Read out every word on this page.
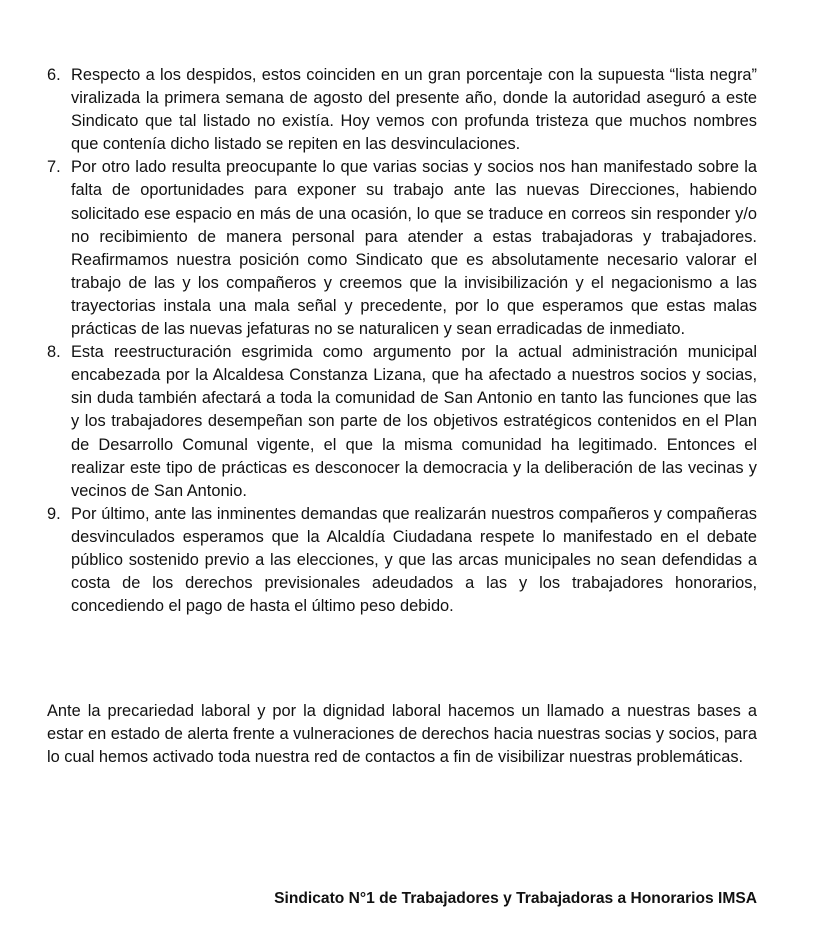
6. Respecto a los despidos, estos coinciden en un gran porcentaje con la supuesta “lista negra” viralizada la primera semana de agosto del presente año, donde la autoridad aseguró a este Sindicato que tal listado no existía. Hoy vemos con profunda tristeza que muchos nombres que contenía dicho listado se repiten en las desvinculaciones.
7. Por otro lado resulta preocupante lo que varias socias y socios nos han manifestado sobre la falta de oportunidades para exponer su trabajo ante las nuevas Direcciones, habiendo solicitado ese espacio en más de una ocasión, lo que se traduce en correos sin responder y/o no recibimiento de manera personal para atender a estas trabajadoras y trabajadores. Reafirmamos nuestra posición como Sindicato que es absolutamente necesario valorar el trabajo de las y los compañeros y creemos que la invisibilización y el negacionismo a las trayectorias instala una mala señal y precedente, por lo que esperamos que estas malas prácticas de las nuevas jefaturas no se naturalicen y sean erradicadas de inmediato.
8. Esta reestructuración esgrimida como argumento por la actual administración municipal encabezada por la Alcaldesa Constanza Lizana, que ha afectado a nuestros socios y socias, sin duda también afectará a toda la comunidad de San Antonio en tanto las funciones que las y los trabajadores desempeñan son parte de los objetivos estratégicos contenidos en el Plan de Desarrollo Comunal vigente, el que la misma comunidad ha legitimado. Entonces el realizar este tipo de prácticas es desconocer la democracia y la deliberación de las vecinas y vecinos de San Antonio.
9. Por último, ante las inminentes demandas que realizarán nuestros compañeros y compañeras desvinculados esperamos que la Alcaldía Ciudadana respete lo manifestado en el debate público sostenido previo a las elecciones, y que las arcas municipales no sean defendidas a costa de los derechos previsionales adeudados a las y los trabajadores honorarios, concediendo el pago de hasta el último peso debido.

Ante la precariedad laboral y por la dignidad laboral hacemos un llamado a nuestras bases a estar en estado de alerta frente a vulneraciones de derechos hacia nuestras socias y socios, para lo cual hemos activado toda nuestra red de contactos a fin de visibilizar nuestras problemáticas.

Sindicato N°1 de Trabajadores y Trabajadoras a Honorarios IMSA
